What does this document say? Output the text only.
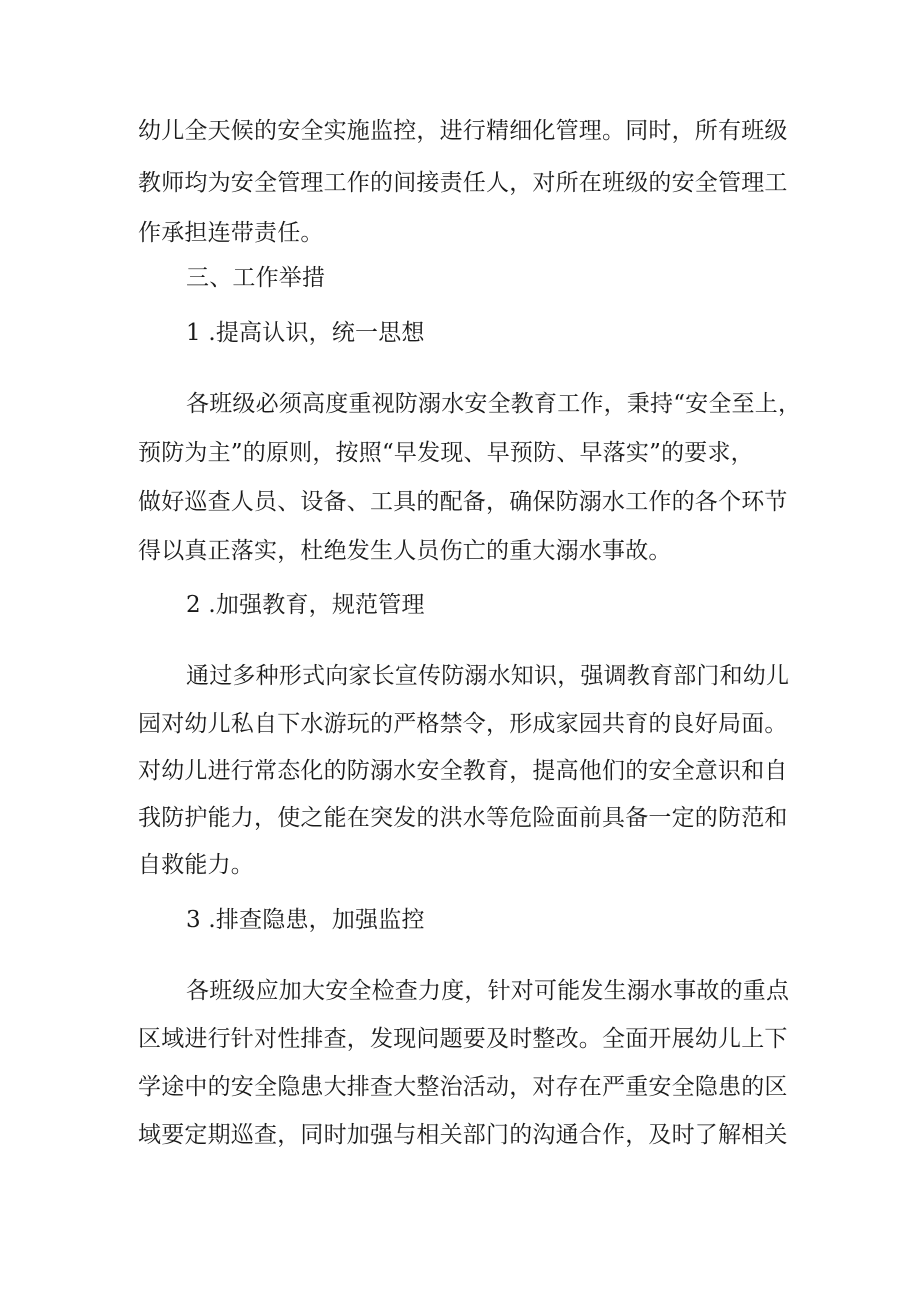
幼儿全天候的安全实施监控，进行精细化管理。同时，所有班级
教师均为安全管理工作的间接责任人，对所在班级的安全管理工
作承担连带责任。
三、工作举措
1 .提高认识，统一思想
各班级必须高度重视防溺水安全教育工作，秉持“安全至上，
预防为主”的原则，按照“早发现、早预防、早落实”的要求，
做好巡查人员、设备、工具的配备，确保防溺水工作的各个环节
得以真正落实，杜绝发生人员伤亡的重大溺水事故。
2 .加强教育，规范管理
通过多种形式向家长宣传防溺水知识，强调教育部门和幼儿
园对幼儿私自下水游玩的严格禁令，形成家园共育的良好局面。
对幼儿进行常态化的防溺水安全教育，提高他们的安全意识和自
我防护能力，使之能在突发的洪水等危险面前具备一定的防范和
自救能力。
3 .排查隐患，加强监控
各班级应加大安全检查力度，针对可能发生溺水事故的重点
区域进行针对性排查，发现问题要及时整改。全面开展幼儿上下
学途中的安全隐患大排查大整治活动，对存在严重安全隐患的区
域要定期巡查，同时加强与相关部门的沟通合作，及时了解相关
